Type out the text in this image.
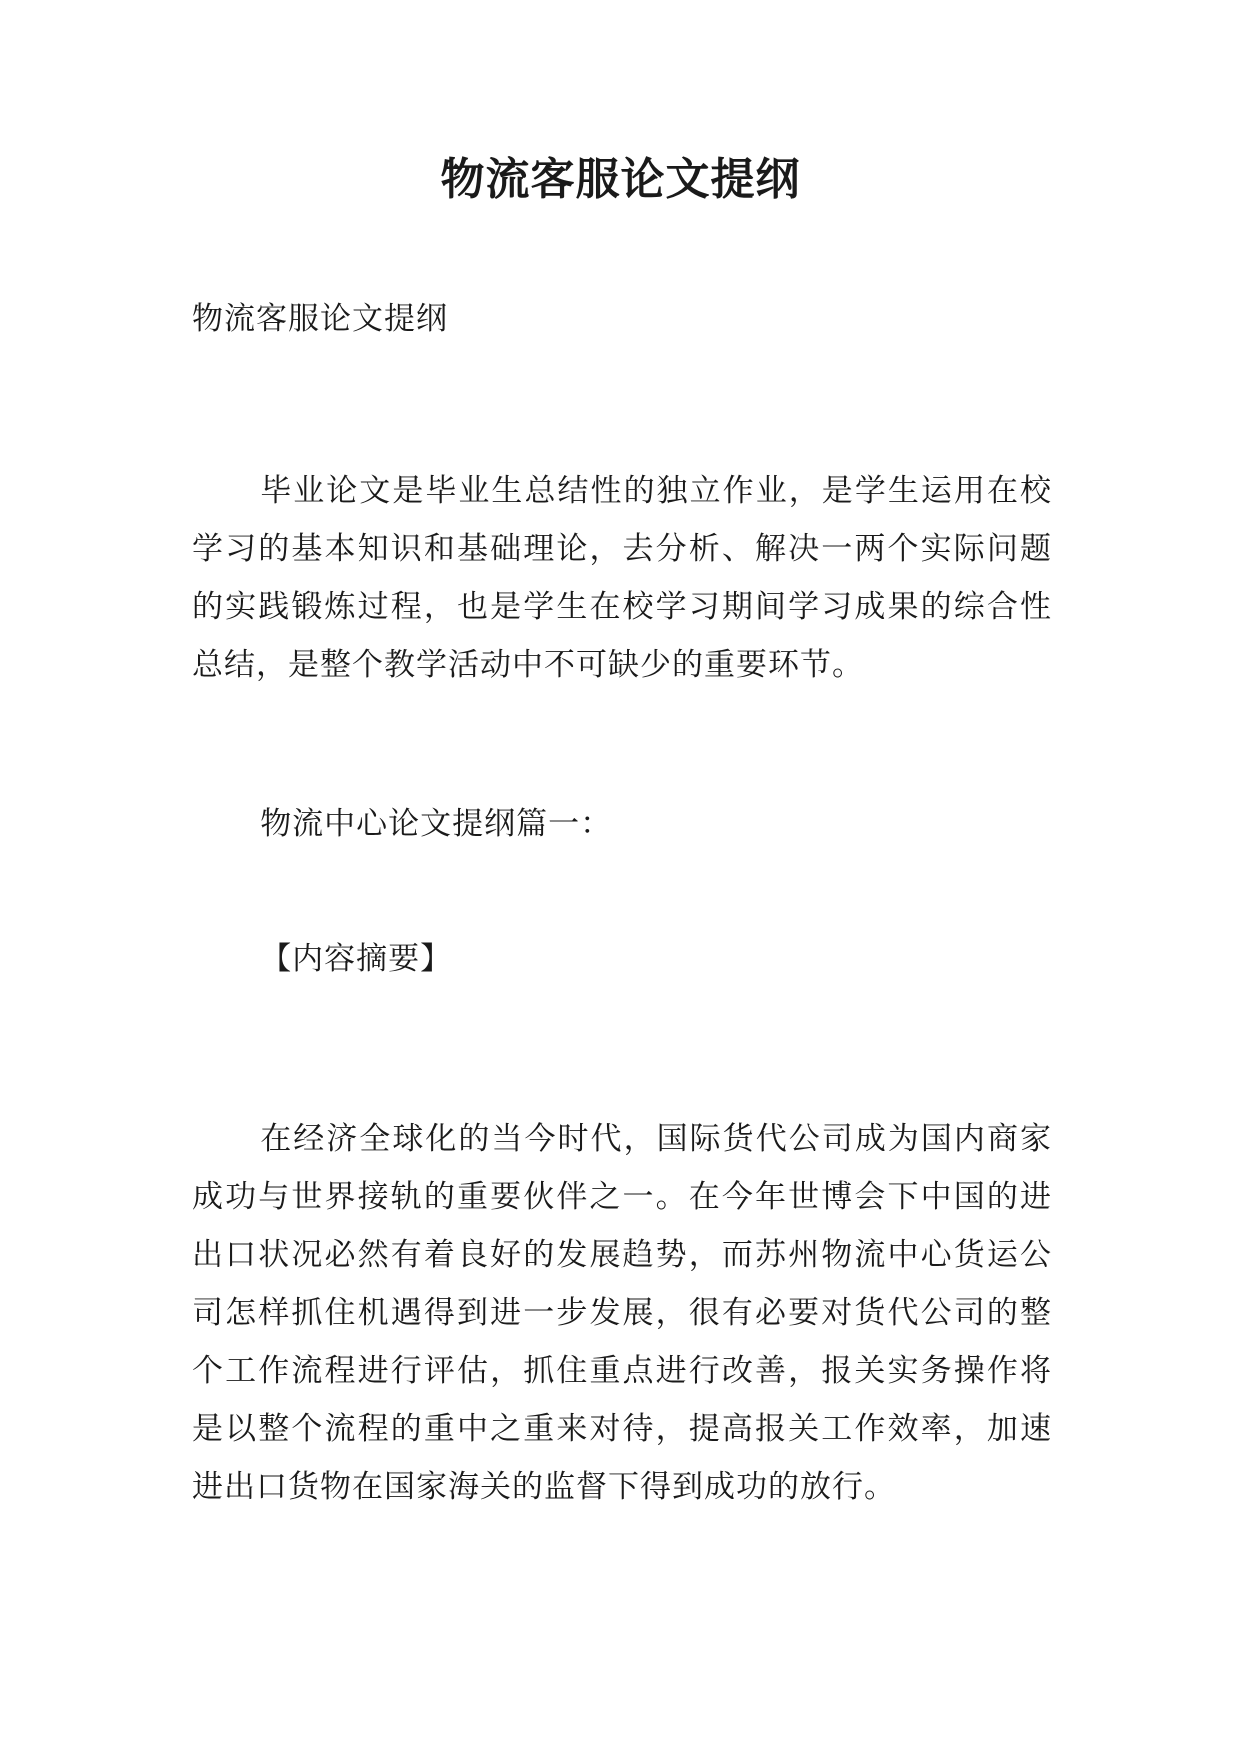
物流客服论文提纲

物流客服论文提纲

毕业论文是毕业生总结性的独立作业，是学生运用在校学习的基本知识和基础理论，去分析、解决一两个实际问题的实践锻炼过程，也是学生在校学习期间学习成果的综合性总结，是整个教学活动中不可缺少的重要环节。

物流中心论文提纲篇一：

【内容摘要】

在经济全球化的当今时代，国际货代公司成为国内商家成功与世界接轨的重要伙伴之一。在今年世博会下中国的进出口状况必然有着良好的发展趋势，而苏州物流中心货运公司怎样抓住机遇得到进一步发展，很有必要对货代公司的整个工作流程进行评估，抓住重点进行改善，报关实务操作将是以整个流程的重中之重来对待，提高报关工作效率，加速进出口货物在国家海关的监督下得到成功的放行。
